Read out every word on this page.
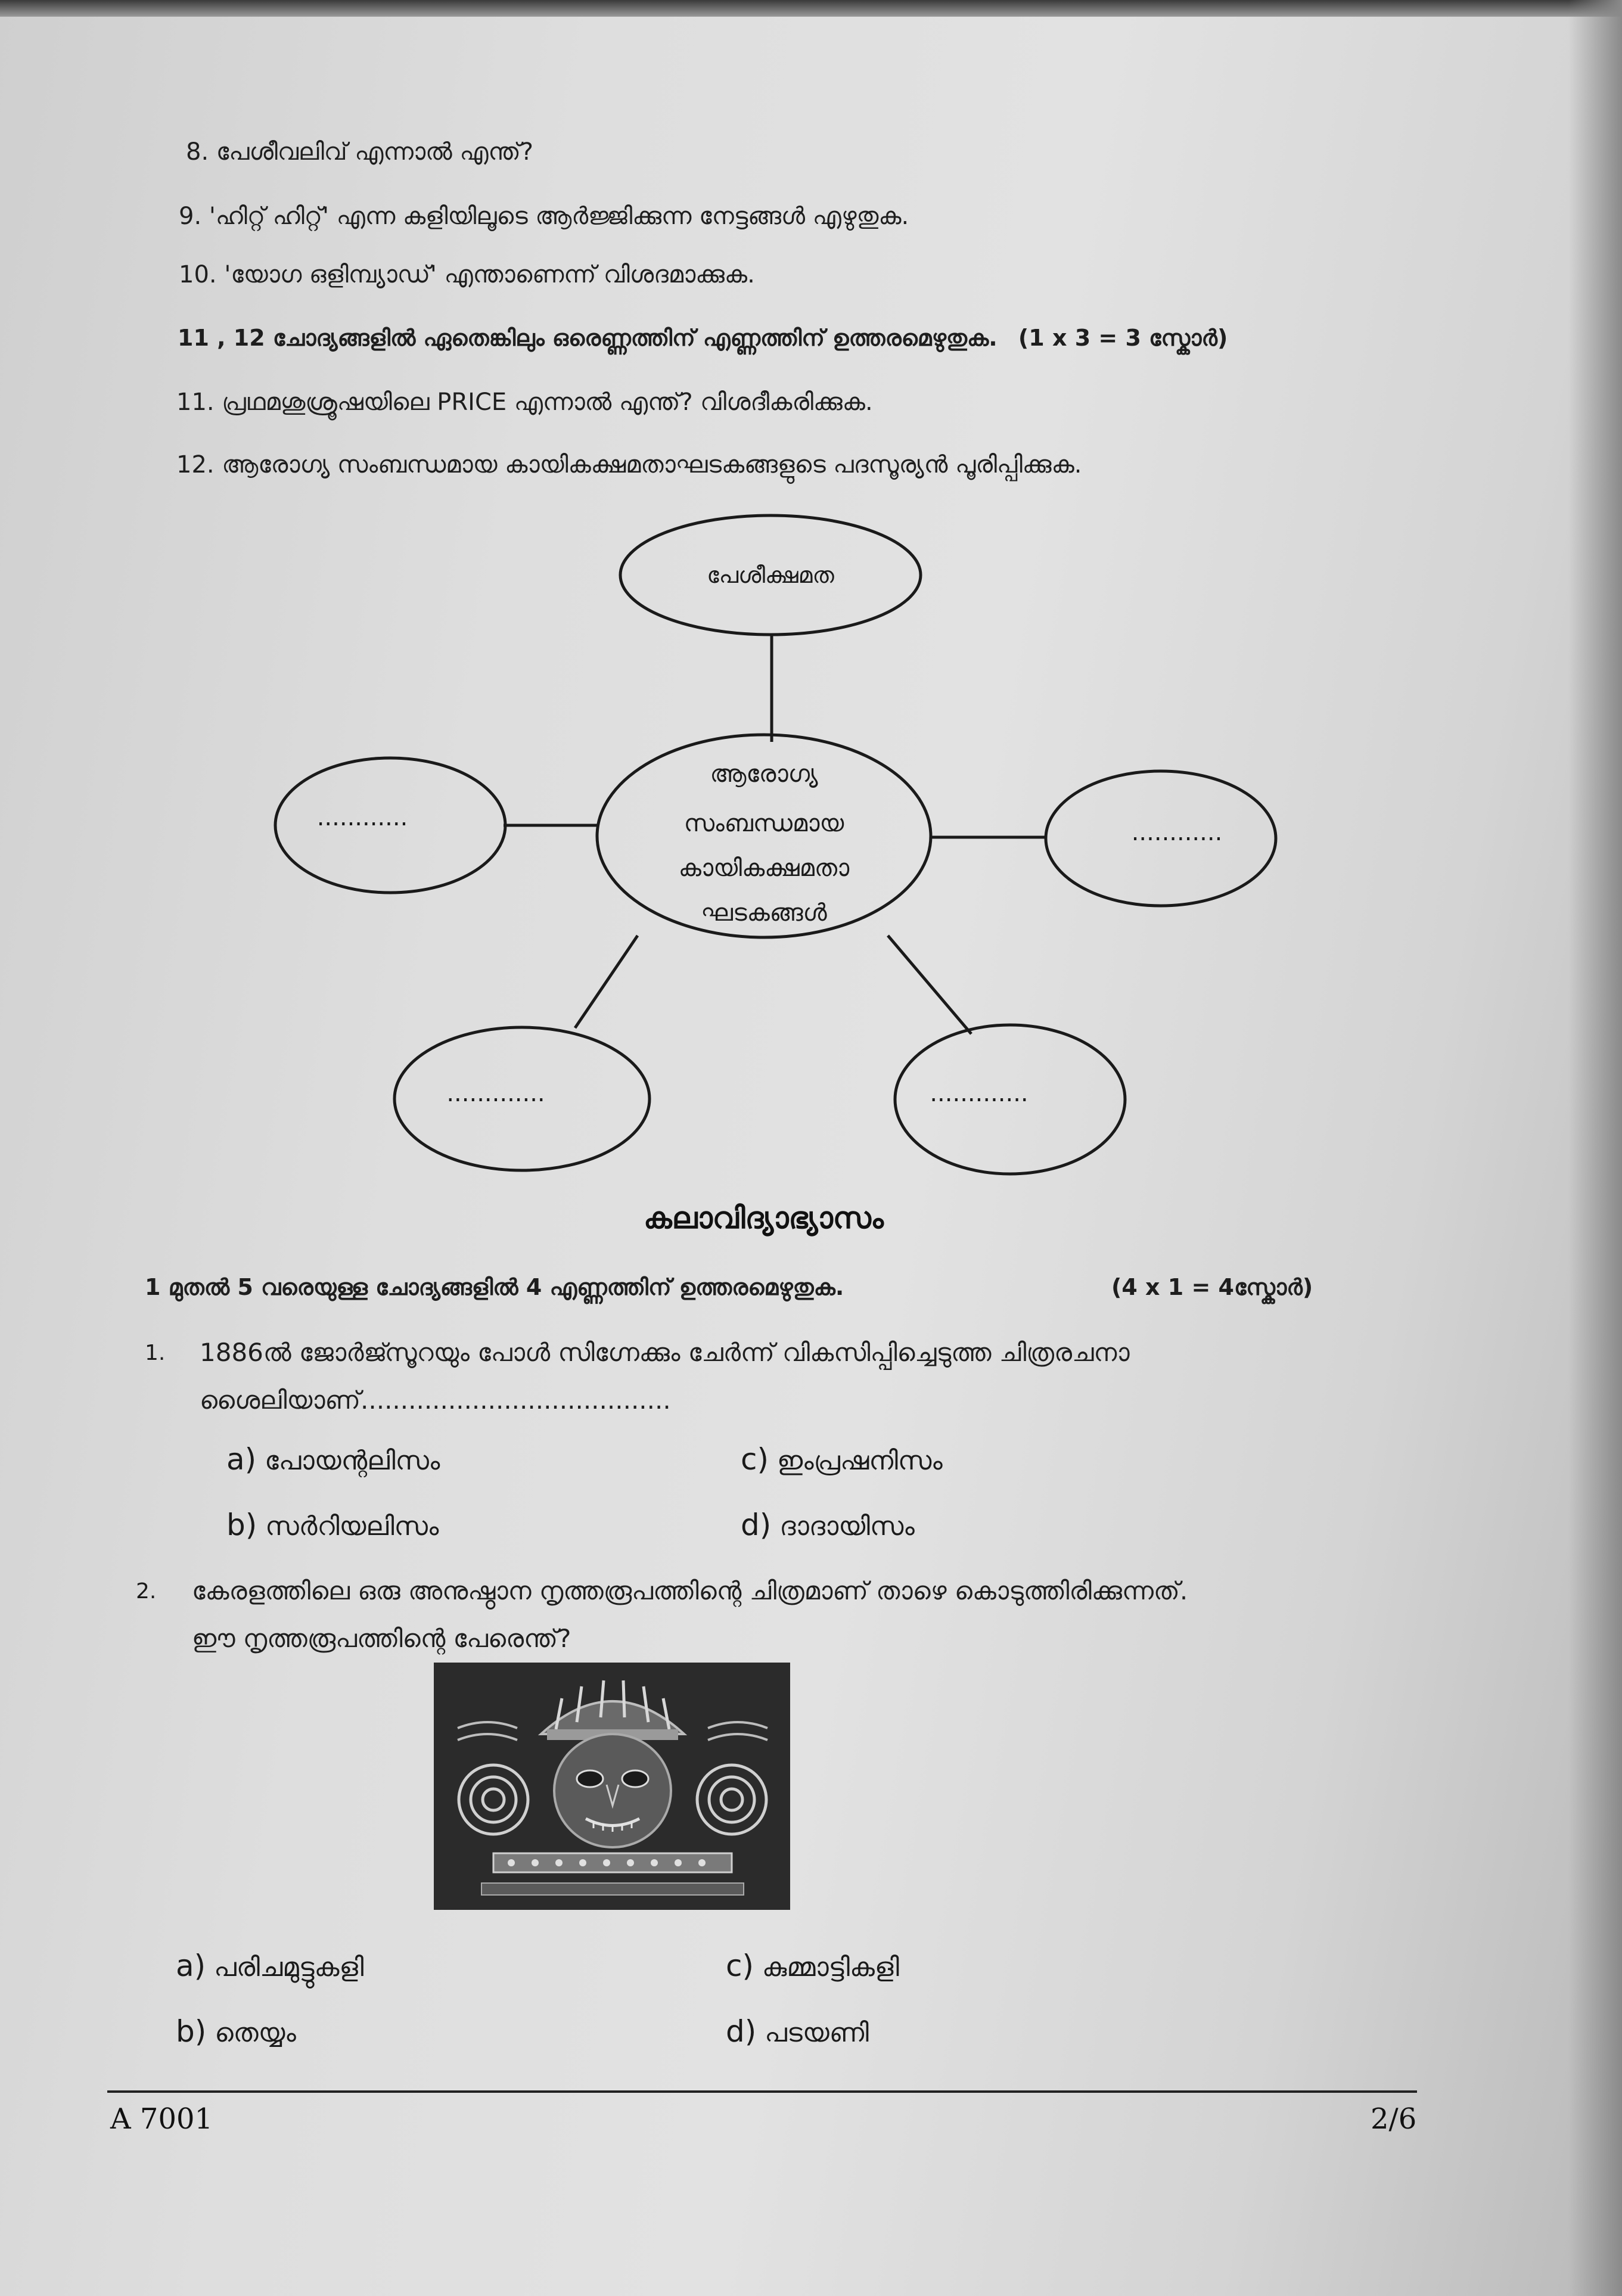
8. പേശീവലിവ് എന്നാൽ എന്ത്?
9. 'ഹിറ്റ് ഹിറ്റ്' എന്ന കളിയിലൂടെ ആർജ്ജിക്കുന്ന നേട്ടങ്ങൾ എഴുതുക.
10. 'യോഗ ഒളിമ്പ്യാഡ്' എന്താണെന്ന് വിശദമാക്കുക.
11 , 12 ചോദ്യങ്ങളിൽ ഏതെങ്കിലും ഒരെണ്ണത്തിന് എണ്ണത്തിന് ഉത്തരമെഴുതുക. (1 x 3 = 3 സ്കോർ)
11. പ്രഥമശുശ്രൂഷയിലെ PRICE എന്നാൽ എന്ത്? വിശദീകരിക്കുക.
12. ആരോഗ്യ സംബന്ധമായ കായികക്ഷമതാഘടകങ്ങളുടെ പദസൂര്യൻ പൂരിപ്പിക്കുക.
പേശീക്ഷമത
ആരോഗ്യ
സംബന്ധമായ
കായികക്ഷമതാ
ഘടകങ്ങൾ
............
............
.............	.............
കലാവിദ്യാഭ്യാസം
1 മുതൽ 5 വരെയുള്ള ചോദ്യങ്ങളിൽ 4 എണ്ണത്തിന് ഉത്തരമെഴുതുക.	(4 x 1 = 4സ്കോർ)
1. 1886ൽ ജോർജ്സൂറയും പോൾ സിഗ്നേക്കും ചേർന്ന് വികസിപ്പിച്ചെടുത്ത ചിത്രരചനാ
ശൈലിയാണ്.......................................
a) പോയന്റലിസം
b) സർറിയലിസം
c) ഇംപ്രഷനിസം
d) ദാദായിസം
2. കേരളത്തിലെ ഒരു അനുഷ്ഠാന നൃത്തരൂപത്തിന്റെ ചിത്രമാണ് താഴെ കൊടുത്തിരിക്കുന്നത്.
ഈ നൃത്തരൂപത്തിന്റെ പേരെന്ത്?
a) പരിചമുട്ടുകളി
b) തെയ്യം
c) കുമ്മാട്ടികളി
d) പടയണി
A 7001	2/6
